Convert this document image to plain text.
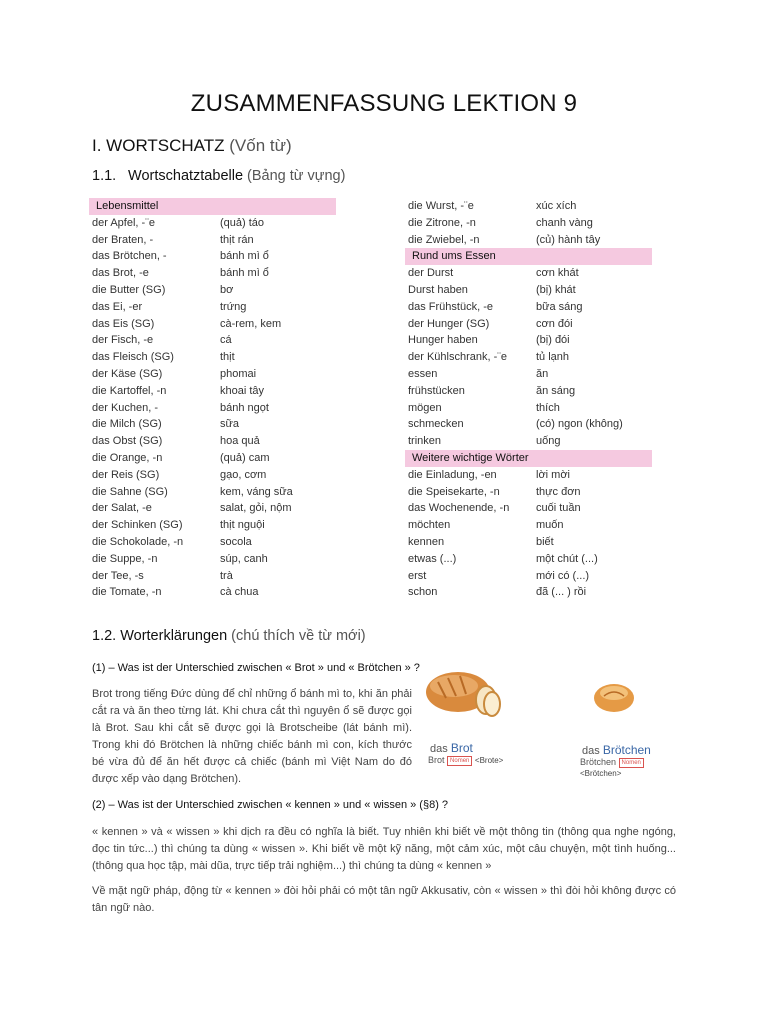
ZUSAMMENFASSUNG LEKTION 9
I. WORTSCHATZ (Vốn từ)
1.1. Wortschatztabelle (Bảng từ vựng)
Lebensmittel
der Apfel, -¨e	(quả) táo
der Braten, -	thịt rán
das Brötchen, -	bánh mì ổ
das Brot, -e	bánh mì ổ
die Butter (SG)	bơ
das Ei, -er	trứng
das Eis (SG)	cà-rem, kem
der Fisch, -e	cá
das Fleisch (SG)	thịt
der Käse (SG)	phomai
die Kartoffel, -n	khoai tây
der Kuchen, -	bánh ngọt
die Milch (SG)	sữa
das Obst (SG)	hoa quả
die Orange, -n	(quả) cam
der Reis (SG)	gạo, cơm
die Sahne (SG)	kem, váng sữa
der Salat, -e	salat, gỏi, nộm
der Schinken (SG)	thịt nguội
die Schokolade, -n	socola
die Suppe, -n	súp, canh
der Tee, -s	trà
die Tomate, -n	cà chua
die Wurst, -¨e	xúc xích
die Zitrone, -n	chanh vàng
die Zwiebel, -n	(củ) hành tây
Rund ums Essen
der Durst	cơn khát
Durst haben	(bị) khát
das Frühstück, -e	bữa sáng
der Hunger (SG)	cơn đói
Hunger haben	(bị) đói
der Kühlschrank, -¨e	tủ lạnh
essen	ăn
frühstücken	ăn sáng
mögen	thích
schmecken	(có) ngon (không)
trinken	uống
Weitere wichtige Wörter
die Einladung, -en	lời mời
die Speisekarte, -n	thực đơn
das Wochenende, -n	cuối tuần
möchten	muốn
kennen	biết
etwas (...)	một chút (...)
erst	mới có (...)
schon	đã (... ) rồi
1.2. Worterklärungen (chú thích về từ mới)
(1) – Was ist der Unterschied zwischen « Brot » und « Brötchen » ?
Brot trong tiếng Đức dùng để chỉ những ổ bánh mì to, khi ăn phải cắt ra và ăn theo từng lát. Khi chưa cắt thì nguyên ổ sẽ được gọi là Brot. Sau khi cắt sẽ được gọi là Brotscheibe (lát bánh mì). Trong khi đó Brötchen là những chiếc bánh mì con, kích thước bé vừa đủ để ăn hết được cả chiếc (bánh mì Việt Nam do đó được xếp vào dạng Brötchen).
das Brot
Brot Nomen <Brote>
das Brötchen
Brötchen Nomen <Brötchen>
(2) – Was ist der Unterschied zwischen « kennen » und « wissen » (§8) ?
« kennen » và « wissen » khi dịch ra đều có nghĩa là biết. Tuy nhiên khi biết về một thông tin (thông qua nghe ngóng, đọc tin tức...) thì chúng ta dùng « wissen ». Khi biết về một kỹ năng, một cảm xúc, một câu chuyện, một tình huống... (thông qua học tập, mài dũa, trực tiếp trải nghiệm...) thì chúng ta dùng « kennen »
Về mặt ngữ pháp, động từ « kennen » đòi hỏi phải có một tân ngữ Akkusativ, còn « wissen » thì đòi hỏi không được có tân ngữ nào.
